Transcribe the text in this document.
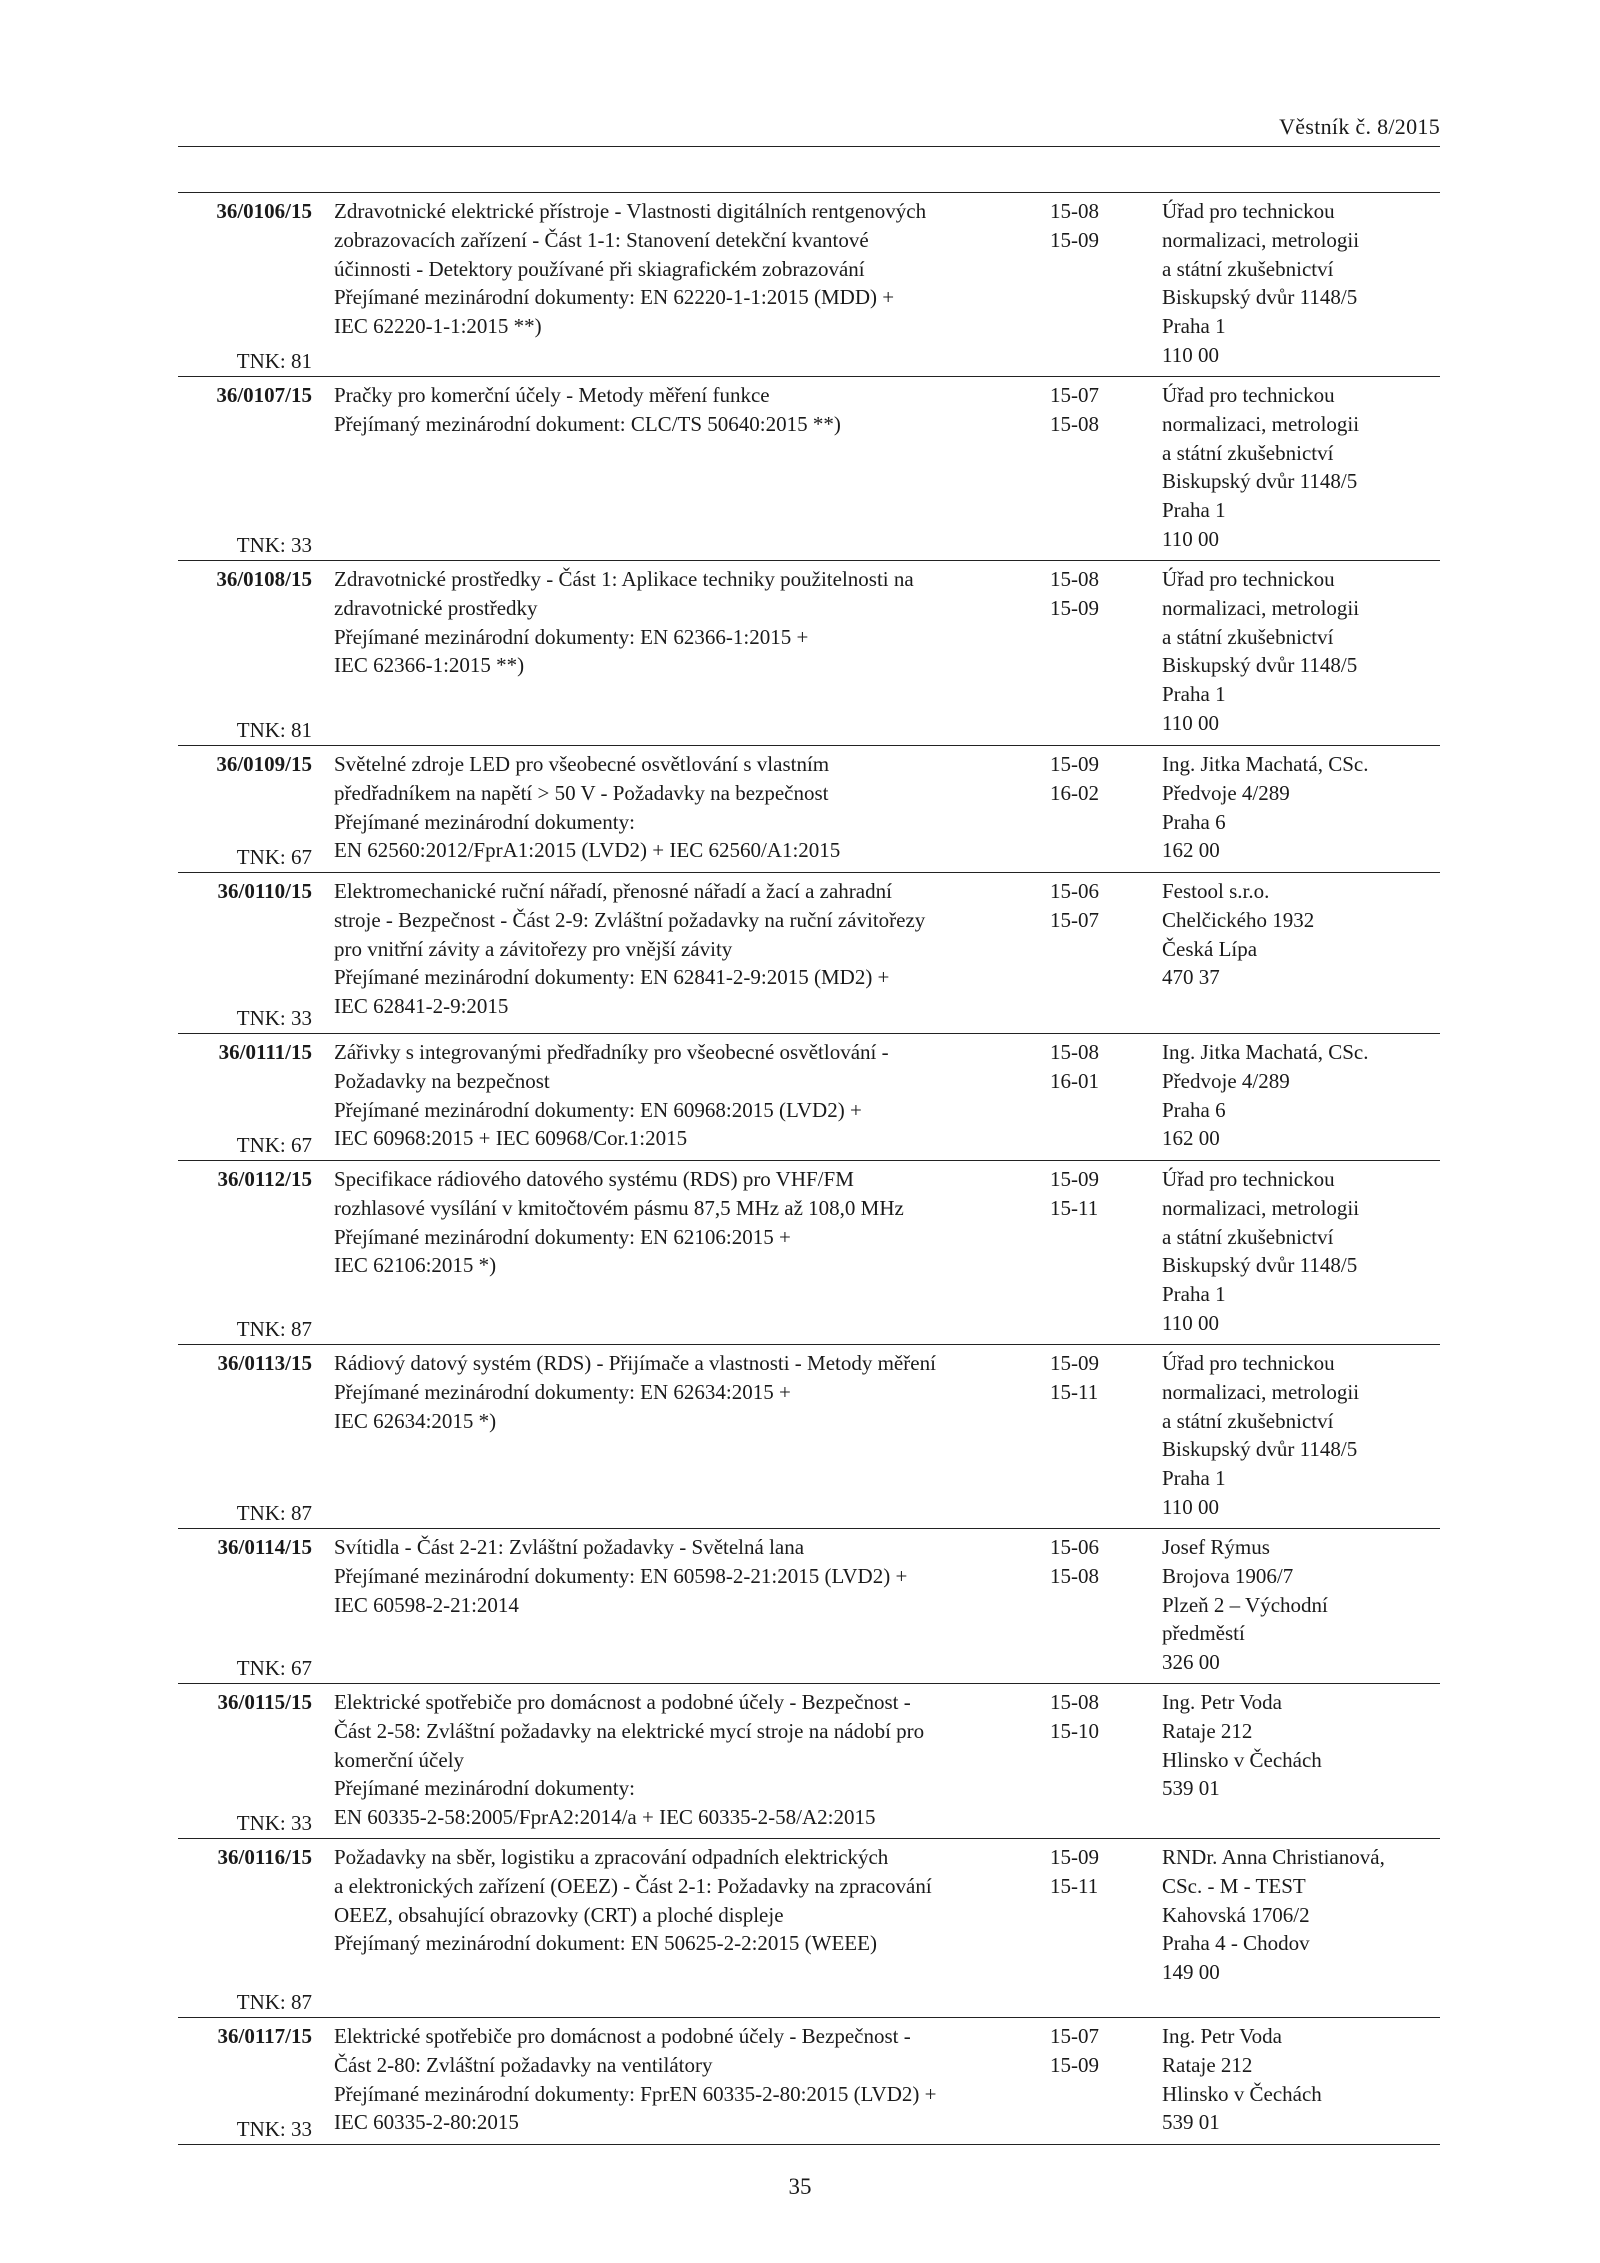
Věstník č. 8/2015
36/0106/15
TNK: 81
Zdravotnické elektrické přístroje - Vlastnosti digitálních rentgenových
zobrazovacích zařízení - Část 1-1: Stanovení detekční kvantové
účinnosti - Detektory používané při skiagrafickém zobrazování
Přejímané mezinárodní dokumenty: EN 62220-1-1:2015 (MDD) +
IEC 62220-1-1:2015 **)
15-08
15-09
Úřad pro technickou
normalizaci, metrologii
a státní zkušebnictví
Biskupský dvůr 1148/5
Praha 1
110 00
36/0107/15
TNK: 33
Pračky pro komerční účely - Metody měření funkce
Přejímaný mezinárodní dokument: CLC/TS 50640:2015 **)
15-07
15-08
Úřad pro technickou
normalizaci, metrologii
a státní zkušebnictví
Biskupský dvůr 1148/5
Praha 1
110 00
36/0108/15
TNK: 81
Zdravotnické prostředky - Část 1: Aplikace techniky použitelnosti na
zdravotnické prostředky
Přejímané mezinárodní dokumenty: EN 62366-1:2015 +
IEC 62366-1:2015 **)
15-08
15-09
Úřad pro technickou
normalizaci, metrologii
a státní zkušebnictví
Biskupský dvůr 1148/5
Praha 1
110 00
36/0109/15
TNK: 67
Světelné zdroje LED pro všeobecné osvětlování s vlastním
předřadníkem na napětí > 50 V - Požadavky na bezpečnost
Přejímané mezinárodní dokumenty:
EN 62560:2012/FprA1:2015 (LVD2) + IEC 62560/A1:2015
15-09
16-02
Ing. Jitka Machatá, CSc.
Předvoje 4/289
Praha 6
162 00
36/0110/15
TNK: 33
Elektromechanické ruční nářadí, přenosné nářadí a žací a zahradní
stroje - Bezpečnost - Část 2-9: Zvláštní požadavky na ruční závitořezy
pro vnitřní závity a závitořezy pro vnější závity
Přejímané mezinárodní dokumenty: EN 62841-2-9:2015 (MD2) +
IEC 62841-2-9:2015
15-06
15-07
Festool s.r.o.
Chelčického 1932
Česká Lípa
470 37
36/0111/15
TNK: 67
Zářivky s integrovanými předřadníky pro všeobecné osvětlování -
Požadavky na bezpečnost
Přejímané mezinárodní dokumenty: EN 60968:2015 (LVD2) +
IEC 60968:2015 + IEC 60968/Cor.1:2015
15-08
16-01
Ing. Jitka Machatá, CSc.
Předvoje 4/289
Praha 6
162 00
36/0112/15
TNK: 87
Specifikace rádiového datového systému (RDS) pro VHF/FM
rozhlasové vysílání v kmitočtovém pásmu 87,5 MHz až 108,0 MHz
Přejímané mezinárodní dokumenty: EN 62106:2015 +
IEC 62106:2015 *)
15-09
15-11
Úřad pro technickou
normalizaci, metrologii
a státní zkušebnictví
Biskupský dvůr 1148/5
Praha 1
110 00
36/0113/15
TNK: 87
Rádiový datový systém (RDS) - Přijímače a vlastnosti - Metody měření
Přejímané mezinárodní dokumenty: EN 62634:2015 +
IEC 62634:2015 *)
15-09
15-11
Úřad pro technickou
normalizaci, metrologii
a státní zkušebnictví
Biskupský dvůr 1148/5
Praha 1
110 00
36/0114/15
TNK: 67
Svítidla - Část 2-21: Zvláštní požadavky - Světelná lana
Přejímané mezinárodní dokumenty: EN 60598-2-21:2015 (LVD2) +
IEC 60598-2-21:2014
15-06
15-08
Josef Rýmus
Brojova 1906/7
Plzeň 2 – Východní
předměstí
326 00
36/0115/15
TNK: 33
Elektrické spotřebiče pro domácnost a podobné účely - Bezpečnost -
Část 2-58: Zvláštní požadavky na elektrické mycí stroje na nádobí pro
komerční účely
Přejímané mezinárodní dokumenty:
EN 60335-2-58:2005/FprA2:2014/a + IEC 60335-2-58/A2:2015
15-08
15-10
Ing. Petr Voda
Rataje 212
Hlinsko v Čechách
539 01
36/0116/15
TNK: 87
Požadavky na sběr, logistiku a zpracování odpadních elektrických
a elektronických zařízení (OEEZ) - Část 2-1: Požadavky na zpracování
OEEZ, obsahující obrazovky (CRT) a ploché displeje
Přejímaný mezinárodní dokument: EN 50625-2-2:2015 (WEEE)
15-09
15-11
RNDr. Anna Christianová,
CSc. - M - TEST
Kahovská 1706/2
Praha 4 - Chodov
149 00
36/0117/15
TNK: 33
Elektrické spotřebiče pro domácnost a podobné účely - Bezpečnost -
Část 2-80: Zvláštní požadavky na ventilátory
Přejímané mezinárodní dokumenty: FprEN 60335-2-80:2015 (LVD2) +
IEC 60335-2-80:2015
15-07
15-09
Ing. Petr Voda
Rataje 212
Hlinsko v Čechách
539 01
35
